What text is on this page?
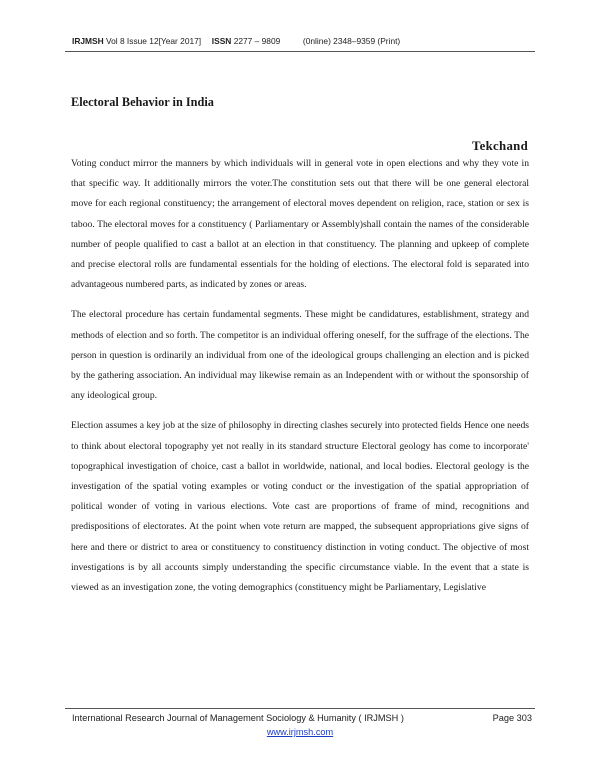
IRJMSH Vol 8 Issue 12[Year 2017] ISSN 2277 – 9809	(0nline) 2348–9359 (Print)
Electoral Behavior in India
Tekchand

Voting conduct mirror the manners by which individuals will in general vote in open elections and why they vote in that specific way. It additionally mirrors the voter.The constitution sets out that there will be one general electoral move for each regional constituency; the arrangement of electoral moves dependent on religion, race, station or sex is taboo. The electoral moves for a constituency ( Parliamentary or Assembly)shall contain the names of the considerable number of people qualified to cast a ballot at an election in that constituency. The planning and upkeep of complete and precise electoral rolls are fundamental essentials for the holding of elections. The electoral fold is separated into advantageous numbered parts, as indicated by zones or areas.

The electoral procedure has certain fundamental segments. These might be candidatures, establishment, strategy and methods of election and so forth. The competitor is an individual offering oneself, for the suffrage of the elections. The person in question is ordinarily an individual from one of the ideological groups challenging an election and is picked by the gathering association. An individual may likewise remain as an Independent with or without the sponsorship of any ideological group.

Election assumes a key job at the size of philosophy in directing clashes securely into protected fields Hence one needs to think about electoral topography yet not really in its standard structure Electoral geology has come to incorporate' topographical investigation of choice, cast a ballot in worldwide, national, and local bodies. Electoral geology is the investigation of the spatial voting examples or voting conduct or the investigation of the spatial appropriation of political wonder of voting in various elections. Vote cast are proportions of frame of mind, recognitions and predispositions of electorates. At the point when vote return are mapped, the subsequent appropriations give signs of here and there or district to area or constituency to constituency distinction in voting conduct. The objective of most investigations is by all accounts simply understanding the specific circumstance viable. In the event that a state is viewed as an investigation zone, the voting demographics (constituency might be Parliamentary, Legislative

International Research Journal of Management Sociology & Humanity ( IRJMSH )	Page 303
www.irjmsh.com
